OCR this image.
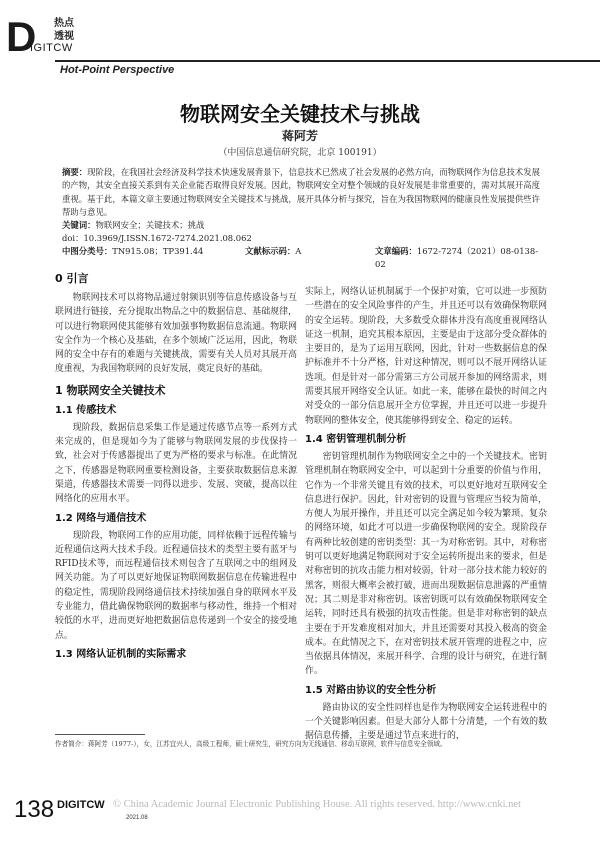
D
IGITCW
热点
透视
Hot-Point Perspective
物联网安全关键技术与挑战
蒋阿芳
（中国信息通信研究院，北京 100191）
摘要：现阶段，在我国社会经济及科学技术快速发展背景下，信息技术已然成了社会发展的必然方向，而物联网作为信息技术发展的产物，其安全直接关系到有关企业能否取得良好发展。因此，物联网安全对整个领域的良好发展是非常重要的，需对其展开高度重视。基于此，本篇文章主要通过物联网安全关键技术与挑战，展开具体分析与探究，旨在为我国物联网的健康良性发展提供些许帮助与意见。
关键词：物联网安全；关键技术；挑战
doi：10.3969/J.ISSN.1672-7274.2021.08.062
中图分类号：TN915.08；TP391.44	文献标示码：A	文章编码：1672-7274（2021）08-0138-02
0 引言

物联网技术可以将物品通过射频识别等信息传感设备与互联网进行链接，充分提取出物品之中的数据信息、基础规律，可以进行物联网使其能够有效加强事物数据信息流通。物联网安全作为一个核心及基础，在多个领域广泛运用，因此，物联网的安全中存有的难题与关键挑战，需要有关人员对其展开高度重视，为我国物联网的良好发展，奠定良好的基础。

1 物联网安全关键技术
1.1 传感技术

现阶段，数据信息采集工作是通过传感节点等一系列方式来完成的，但是现如今为了能够与物联网发展的步伐保持一致，社会对于传感器提出了更为严格的要求与标准。在此情况之下，传感器是物联网重要检测设备，主要获取数据信息来源渠道，传感器技术需要一同得以进步、发展、突破，提高以往网络化的应用水平。

1.2 网络与通信技术

现阶段，物联网工作的应用功能，同样依赖于远程传输与近程通信这两大技术手段。近程通信技术的类型主要有蓝牙与RFID技术等，而远程通信技术则包含了互联网之中的组网及网关功能。为了可以更好地保证物联网数据信息在传输进程中的稳定性，需现阶段网络通信技术持续加强自身的联网水平及专业能力，借此确保物联网的数据率与移动性，维持一个相对较低的水平，进而更好地把数据信息传递到一个安全的接受地点。

1.3 网络认证机制的实际需求

实际上，网络认证机制属于一个保护对策，它可以进一步预防一些潜在的安全风险事件的产生，并且还可以有效确保物联网的安全运转。现阶段，大多数受众群体并没有高度重视网络认证这一机制，追究其根本原因，主要是由于这部分受众群体的主要目的，是为了运用互联网，因此，针对一些数据信息的保护标准并不十分严格，针对这种情况，则可以不展开网络认证选项。但是针对一部分需第三方公司展开参加的网络需求，则需要其展开网络安全认证。如此一来，能够在最快的时间之内对受众的一部分信息展开全方位掌握，并且还可以进一步提升物联网的整体安全，使其能够得到安全、稳定的运转。

1.4 密钥管理机制分析

密钥管理机制作为物联网安全之中的一个关键技术。密钥管理机制在物联网安全中，可以起到十分重要的价值与作用，它作为一个非常关键且有效的技术，可以更好地对互联网安全信息进行保护。因此，针对密钥的设置与管理应当较为简单，方便人为展开操作，并且还可以完全满足如今较为繁琐、复杂的网络环境，如此才可以进一步确保物联网的安全。现阶段存有两种比较创建的密钥类型：其一为对称密钥。其中，对称密钥可以更好地满足物联网对于安全运转所提出来的要求，但是对称密钥的抗攻击能力相对较弱，针对一部分技术能力较好的黑客，则很大概率会被打破，进而出现数据信息泄露的严重情况；其二则是非对称密钥。该密钥既可以有效确保物联网安全运转，同时还具有极强的抗攻击性能。但是非对称密钥的缺点主要在于开发难度相对加大，并且还需要对其投入极高的资金成本。在此情况之下，在对密钥技术展开管理的进程之中，应当依据具体情况，来展开科学、合理的设计与研究，在进行制作。

1.5 对路由协议的安全性分析

路由协议的安全性同样也是作为物联网安全运转进程中的一个关键影响因素。但是大部分人都十分清楚，一个有效的数据信息传播，主要是通过节点来进行的，

作者简介：蒋阿芳（1977-），女，江苏宜兴人，高级工程师，硕士研究生，研究方向为无线通信、移动互联网，软件与信息安全领域。
138 DIGITCW
2021.08
© China Academic Journal Electronic Publishing House. All rights reserved. http://www.cnki.net
